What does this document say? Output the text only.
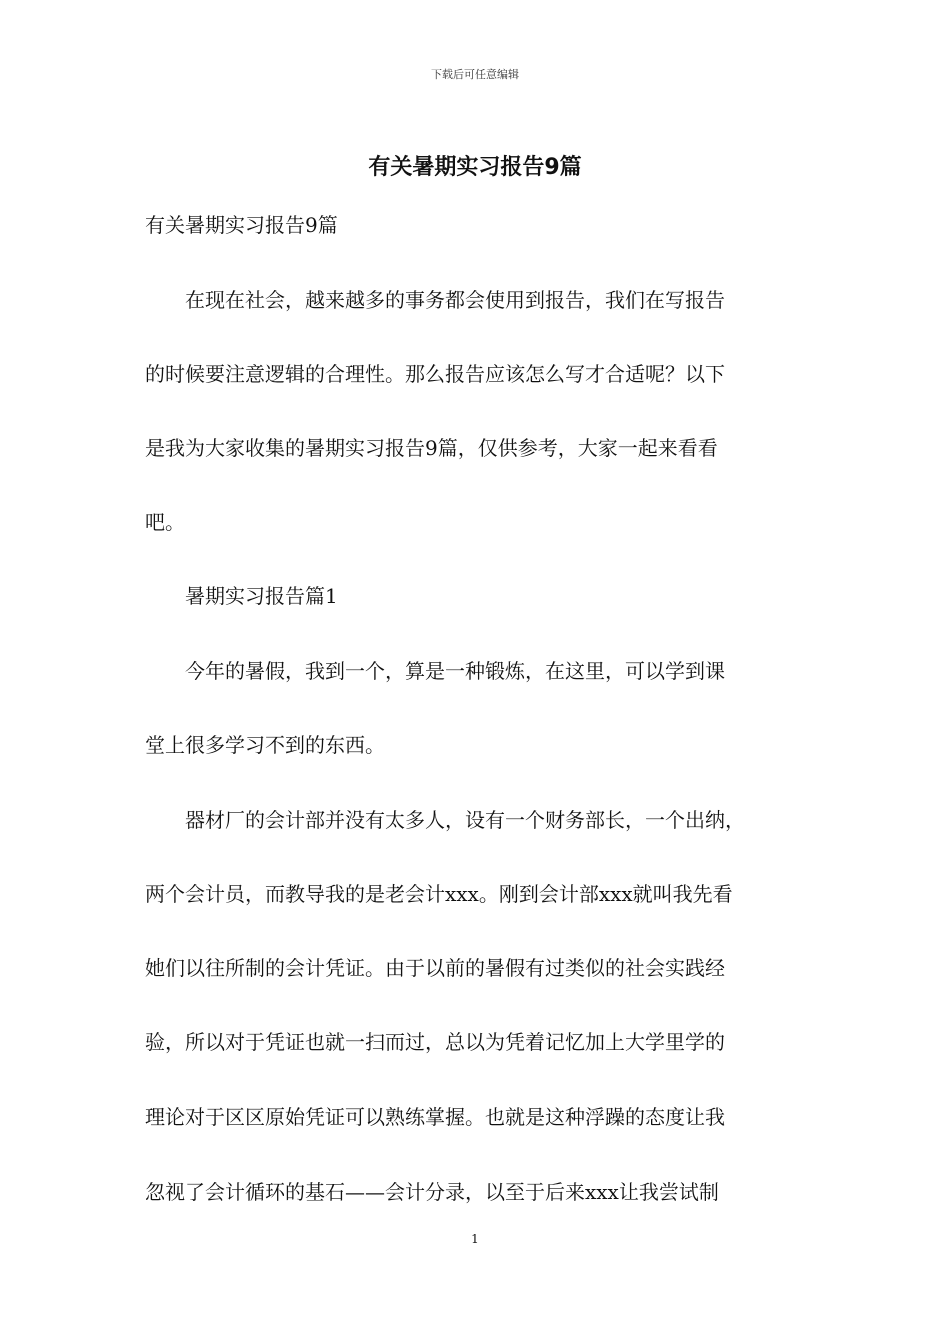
下载后可任意编辑
有关暑期实习报告9篇
有关暑期实习报告9篇
　　在现在社会，越来越多的事务都会使用到报告，我们在写报告
的时候要注意逻辑的合理性。那么报告应该怎么写才合适呢？以下
是我为大家收集的暑期实习报告9篇，仅供参考，大家一起来看看
吧。
　　暑期实习报告篇1
　　今年的暑假，我到一个，算是一种锻炼，在这里，可以学到课
堂上很多学习不到的东西。
　　器材厂的会计部并没有太多人，设有一个财务部长，一个出纳，
两个会计员，而教导我的是老会计xxx。刚到会计部xxx就叫我先看
她们以往所制的会计凭证。由于以前的暑假有过类似的社会实践经
验，所以对于凭证也就一扫而过，总以为凭着记忆加上大学里学的
理论对于区区原始凭证可以熟练掌握。也就是这种浮躁的态度让我
忽视了会计循环的基石——会计分录，以至于后来xxx让我尝试制
1
